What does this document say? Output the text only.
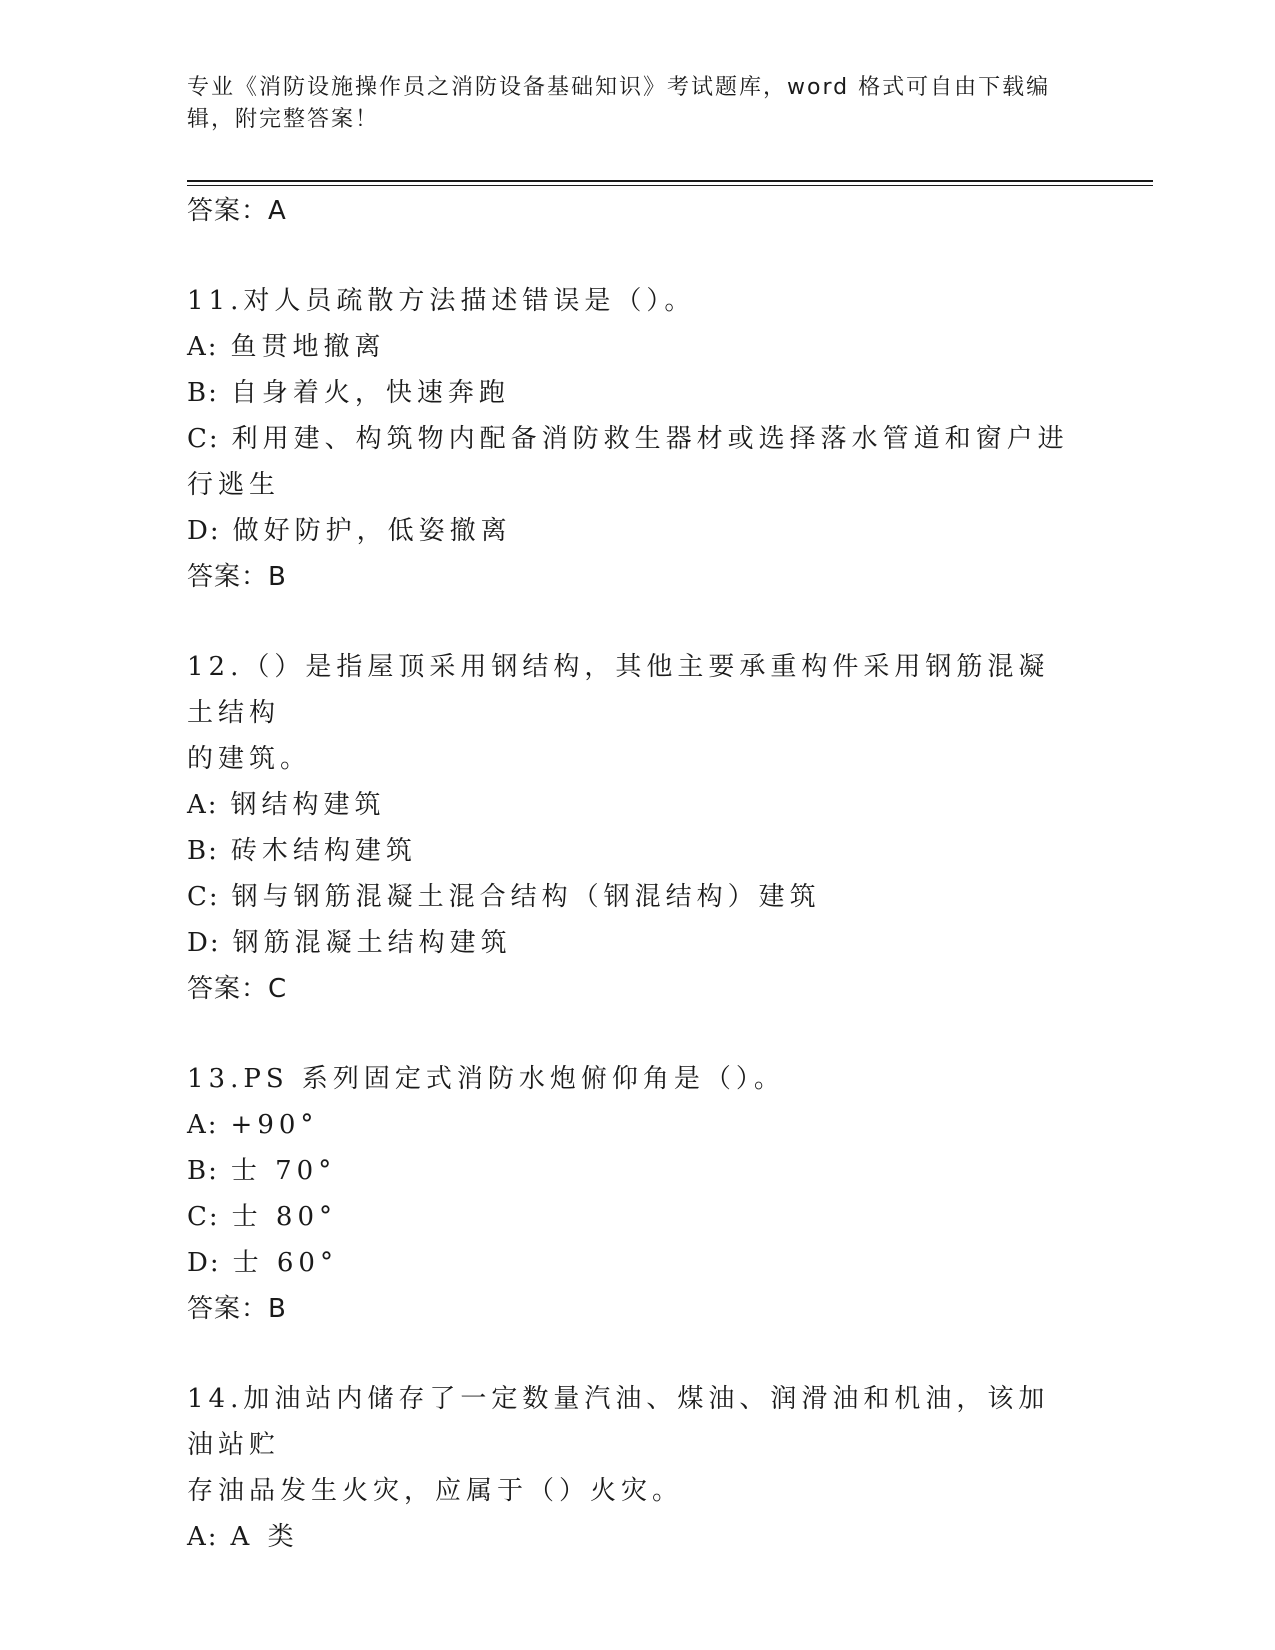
专业《消防设施操作员之消防设备基础知识》考试题库，word 格式可自由下载编
辑，附完整答案！
答案：A
11.对人员疏散方法描述错误是（）。
A: 鱼贯地撤离
B: 自身着火，快速奔跑
C: 利用建、构筑物内配备消防救生器材或选择落水管道和窗户进行逃生
D: 做好防护，低姿撤离
答案：B
12.（）是指屋顶采用钢结构，其他主要承重构件采用钢筋混凝土结构
的建筑。
A: 钢结构建筑
B: 砖木结构建筑
C: 钢与钢筋混凝土混合结构（钢混结构）建筑
D: 钢筋混凝土结构建筑
答案：C
13.PS 系列固定式消防水炮俯仰角是（）。
A: +90°
B: 士 70°
C: 士 80°
D: 士 60°
答案：B
14.加油站内储存了一定数量汽油、煤油、润滑油和机油，该加油站贮
存油品发生火灾，应属于（）火灾。
A: A 类
